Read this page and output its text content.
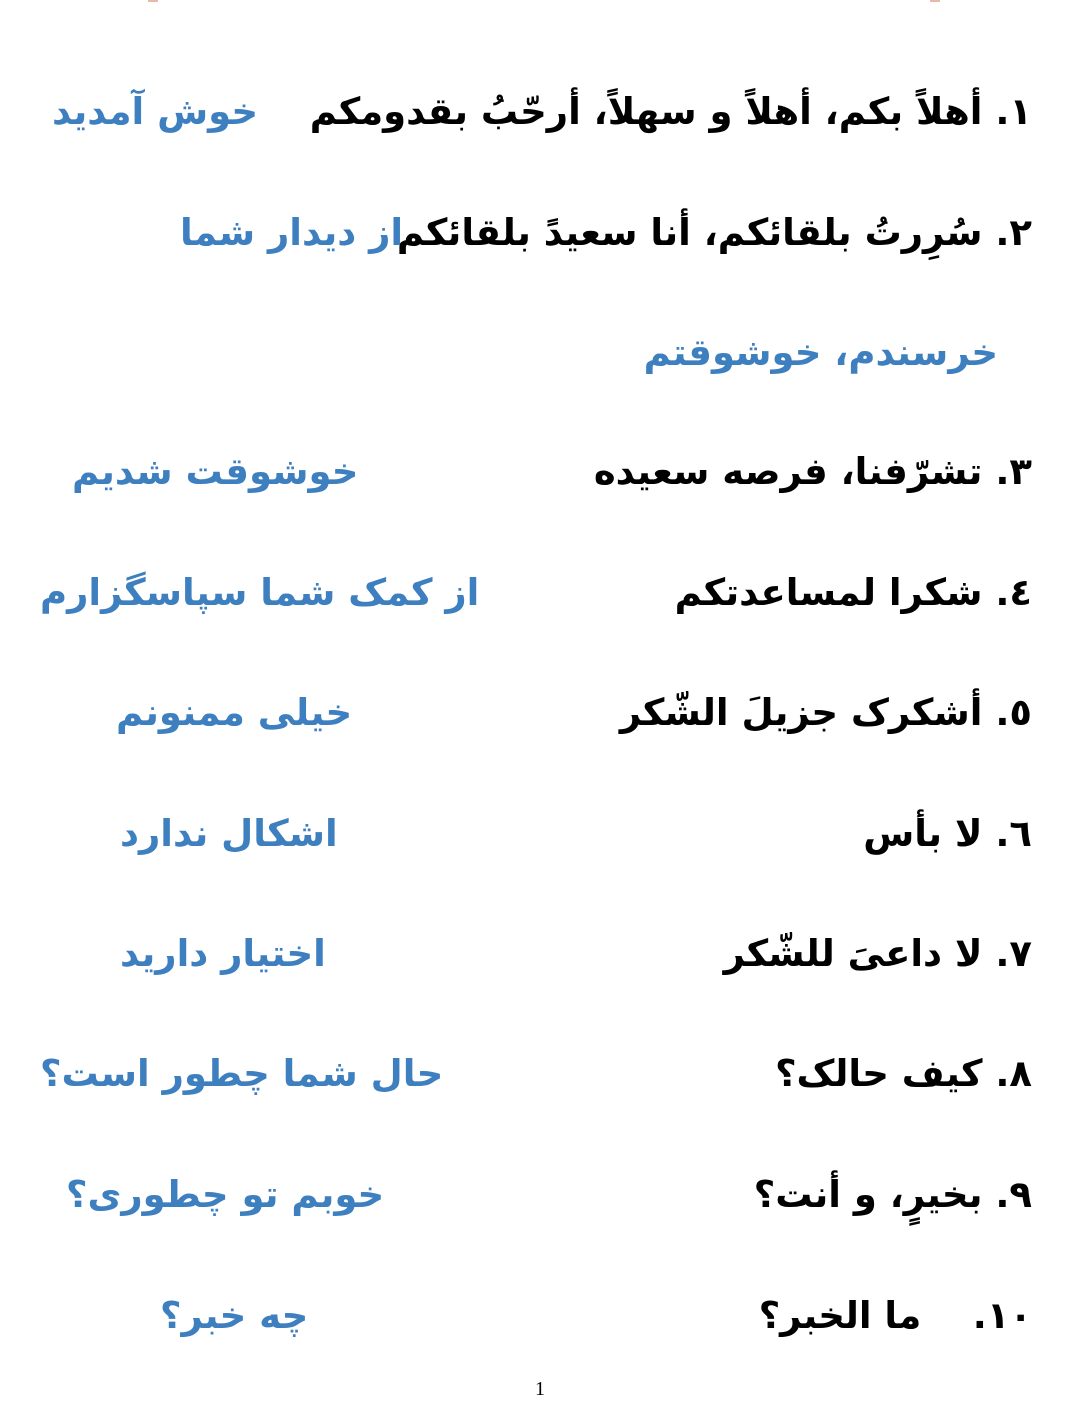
١. أهلاً بكم، أهلاً و سهلاً، أرحّبُ بقدومكم
خوش آمدید
٢. سُرِرتُ بلقائكم، أنا سعيدً بلقائكم
از دیدار شما
خرسندم، خوشوقتم
٣. تشرّفنا، فرصه سعيده
خوشوقت شدیم
٤. شكرا لمساعدتكم
از کمک شما سپاسگزارم
٥. أشكرک جزيلَ الشّكر
خیلی ممنونم
٦. لا بأس
اشکال ندارد
٧. لا داعىَ للشّكر
اختیار دارید
٨. كيف حالک؟
حال شما چطور است؟
٩. بخيرٍ، و أنت؟
خوبم تو چطوری؟
١٠.    ما الخبر؟
چه خبر؟
1
